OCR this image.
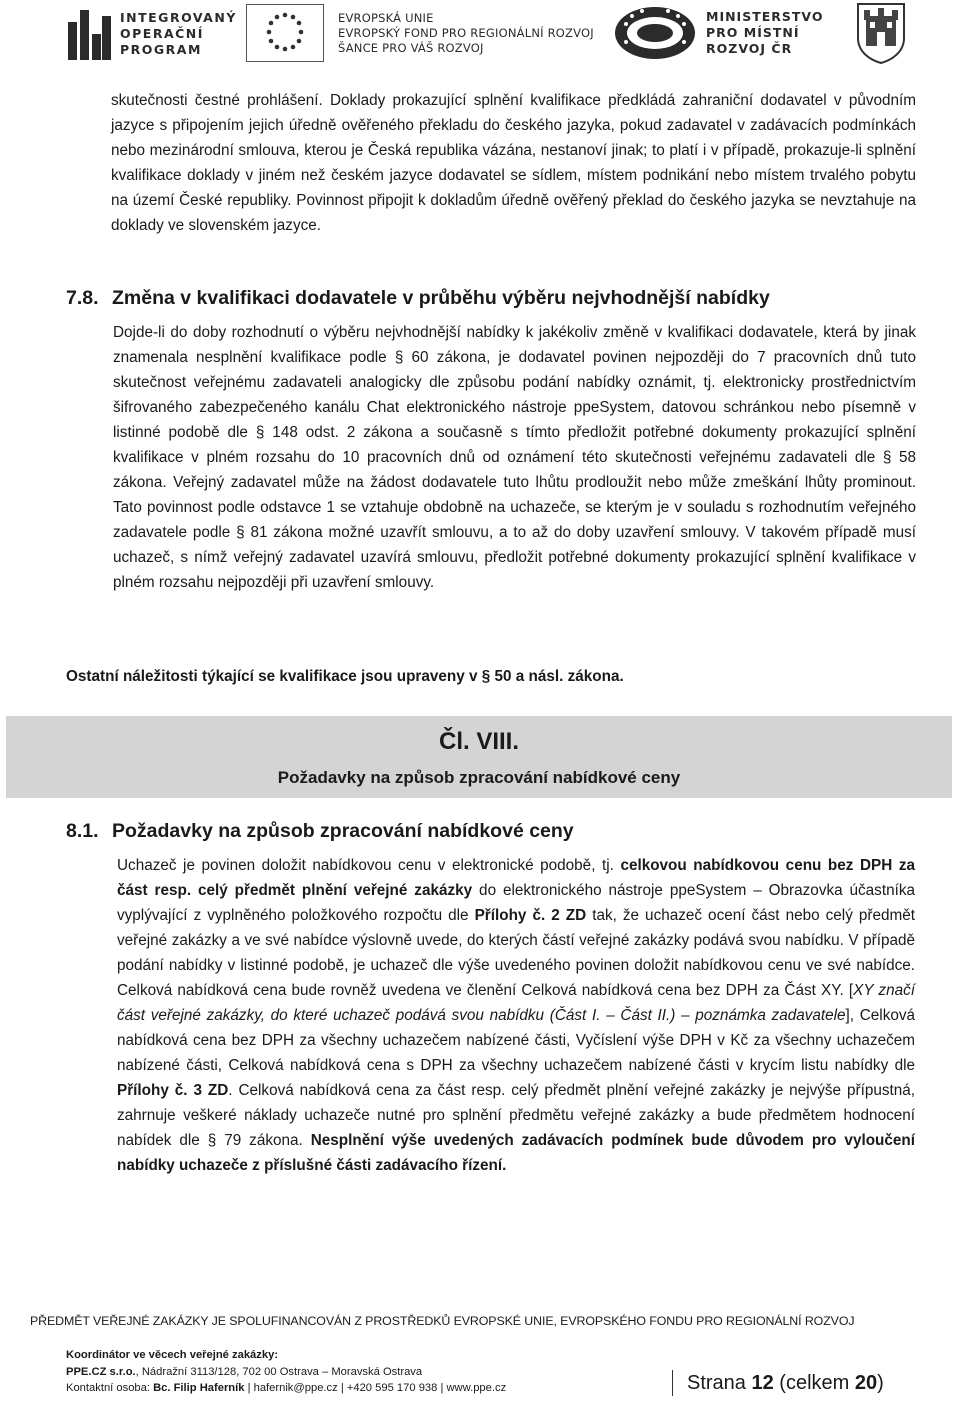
INTEGROVANÝ
OPERAČNÍ
PROGRAM
EVROPSKÁ UNIE
EVROPSKÝ FOND PRO REGIONÁLNÍ ROZVOJ
ŠANCE PRO VÁŠ ROZVOJ
MINISTERSTVO
PRO MÍSTNÍ
ROZVOJ ČR

skutečnosti čestné prohlášení. Doklady prokazující splnění kvalifikace předkládá zahraniční dodavatel v původním jazyce s připojením jejich úředně ověřeného překladu do českého jazyka, pokud zadavatel v zadávacích podmínkách nebo mezinárodní smlouva, kterou je Česká republika vázána, nestanoví jinak; to platí i v případě, prokazuje-li splnění kvalifikace doklady v jiném než českém jazyce dodavatel se sídlem, místem podnikání nebo místem trvalého pobytu na území České republiky. Povinnost připojit k dokladům úředně ověřený překlad do českého jazyka se nevztahuje na doklady ve slovenském jazyce.

7.8. Změna v kvalifikaci dodavatele v průběhu výběru nejvhodnější nabídky

Dojde-li do doby rozhodnutí o výběru nejvhodnější nabídky k jakékoliv změně v kvalifikaci dodavatele, která by jinak znamenala nesplnění kvalifikace podle § 60 zákona, je dodavatel povinen nejpozději do 7 pracovních dnů tuto skutečnost veřejnému zadavateli analogicky dle způsobu podání nabídky oznámit, tj. elektronicky prostřednictvím šifrovaného zabezpečeného kanálu Chat elektronického nástroje ppeSystem, datovou schránkou nebo písemně v listinné podobě dle § 148 odst. 2 zákona a současně s tímto předložit potřebné dokumenty prokazující splnění kvalifikace v plném rozsahu do 10 pracovních dnů od oznámení této skutečnosti veřejnému zadavateli dle § 58 zákona. Veřejný zadavatel může na žádost dodavatele tuto lhůtu prodloužit nebo může zmeškání lhůty prominout. Tato povinnost podle odstavce 1 se vztahuje obdobně na uchazeče, se kterým je v souladu s rozhodnutím veřejného zadavatele podle § 81 zákona možné uzavřít smlouvu, a to až do doby uzavření smlouvy. V takovém případě musí uchazeč, s nímž veřejný zadavatel uzavírá smlouvu, předložit potřebné dokumenty prokazující splnění kvalifikace v plném rozsahu nejpozději při uzavření smlouvy.

Ostatní náležitosti týkající se kvalifikace jsou upraveny v § 50 a násl. zákona.
Čl. VIII.
Požadavky na způsob zpracování nabídkové ceny
8.1. Požadavky na způsob zpracování nabídkové ceny

Uchazeč je povinen doložit nabídkovou cenu v elektronické podobě, tj. celkovou nabídkovou cenu bez DPH za část resp. celý předmět plnění veřejné zakázky do elektronického nástroje ppeSystem – Obrazovka účastníka vyplývající z vyplněného položkového rozpočtu dle Přílohy č. 2 ZD tak, že uchazeč ocení část nebo celý předmět veřejné zakázky a ve své nabídce výslovně uvede, do kterých částí veřejné zakázky podává svou nabídku. V případě podání nabídky v listinné podobě, je uchazeč dle výše uvedeného povinen doložit nabídkovou cenu ve své nabídce. Celková nabídková cena bude rovněž uvedena ve členění Celková nabídková cena bez DPH za Část XY. [XY značí část veřejné zakázky, do které uchazeč podává svou nabídku (Část I. – Část II.) – poznámka zadavatele], Celková nabídková cena bez DPH za všechny uchazečem nabízené části, Vyčíslení výše DPH v Kč za všechny uchazečem nabízené části, Celková nabídková cena s DPH za všechny uchazečem nabízené části v krycím listu nabídky dle Přílohy č. 3 ZD. Celková nabídková cena za část resp. celý předmět plnění veřejné zakázky je nejvýše přípustná, zahrnuje veškeré náklady uchazeče nutné pro splnění předmětu veřejné zakázky a bude předmětem hodnocení nabídek dle § 79 zákona. Nesplnění výše uvedených zadávacích podmínek bude důvodem pro vyloučení nabídky uchazeče z příslušné části zadávacího řízení.

PŘEDMĚT VEŘEJNÉ ZAKÁZKY JE SPOLUFINANCOVÁN Z PROSTŘEDKŮ EVROPSKÉ UNIE, EVROPSKÉHO FONDU PRO REGIONÁLNÍ ROZVOJ
Koordinátor ve věcech veřejné zakázky:
PPE.CZ s.r.o., Nádražní 3113/128, 702 00 Ostrava – Moravská Ostrava
Kontaktní osoba: Bc. Filip Haferník | hafernik@ppe.cz | +420 595 170 938 | www.ppe.cz	Strana 12 (celkem 20)
